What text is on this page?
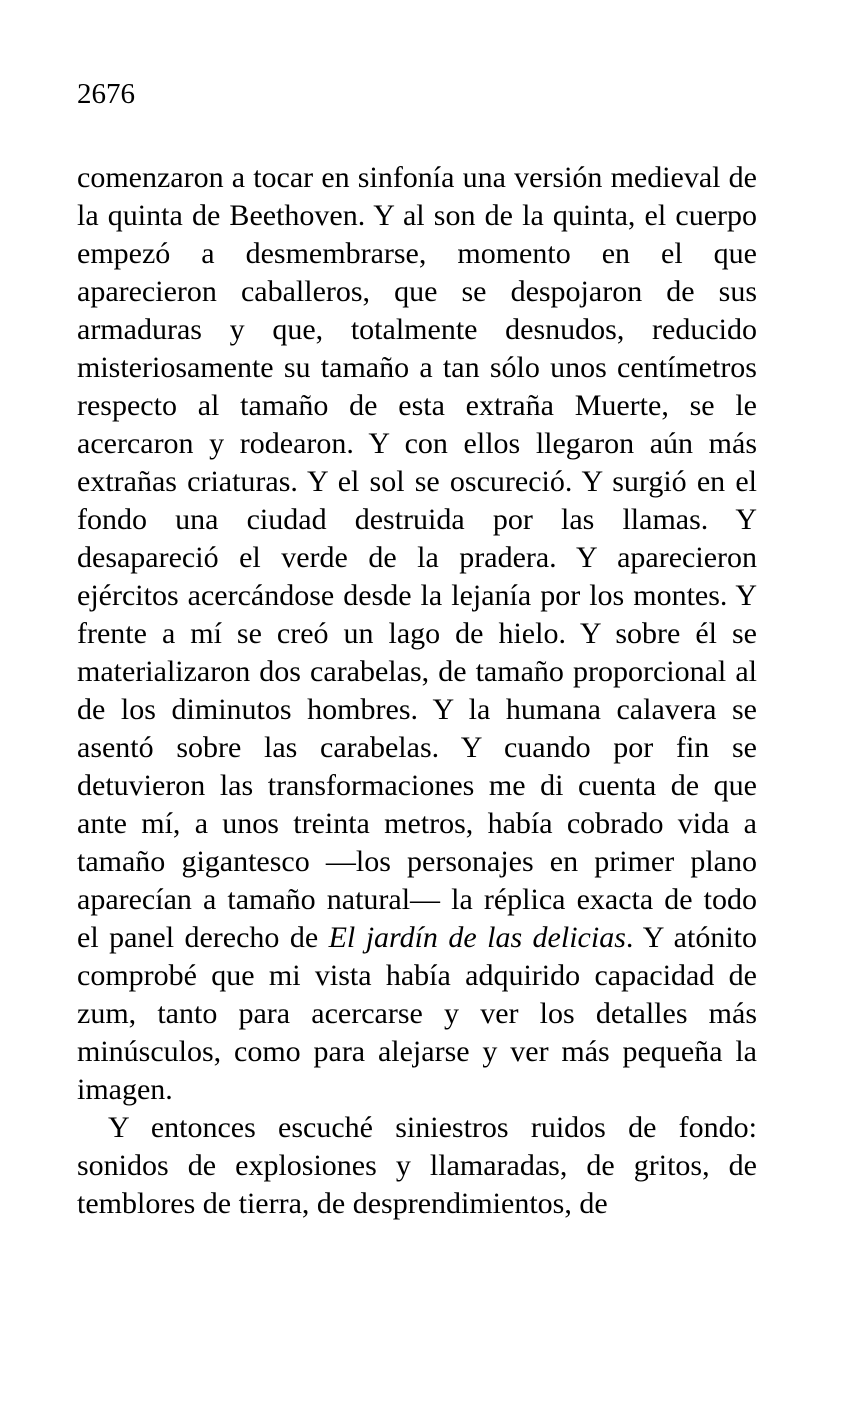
2676

comenzaron a tocar en sinfonía una versión medieval de la quinta de Beethoven. Y al son de la quinta, el cuerpo empezó a desmembrarse, momento en el que aparecieron caballeros, que se despojaron de sus armaduras y que, totalmente desnudos, reducido misteriosamente su tamaño a tan sólo unos centímetros respecto al tamaño de esta extraña Muerte, se le acercaron y rodearon. Y con ellos llegaron aún más extrañas criaturas. Y el sol se oscureció. Y surgió en el fondo una ciudad destruida por las llamas. Y desapareció el verde de la pradera. Y aparecieron ejércitos acercándose desde la lejanía por los montes. Y frente a mí se creó un lago de hielo. Y sobre él se materializaron dos carabelas, de tamaño proporcional al de los diminutos hombres. Y la humana calavera se asentó sobre las carabelas. Y cuando por fin se detuvieron las transformaciones me di cuenta de que ante mí, a unos treinta metros, había cobrado vida a tamaño gigantesco —los personajes en primer plano aparecían a tamaño natural— la réplica exacta de todo el panel derecho de El jardín de las delicias. Y atónito comprobé que mi vista había adquirido capacidad de zum, tanto para acercarse y ver los detalles más minúsculos, como para alejarse y ver más pequeña la imagen.

Y entonces escuché siniestros ruidos de fondo: sonidos de explosiones y llamaradas, de gritos, de temblores de tierra, de desprendimientos, de
